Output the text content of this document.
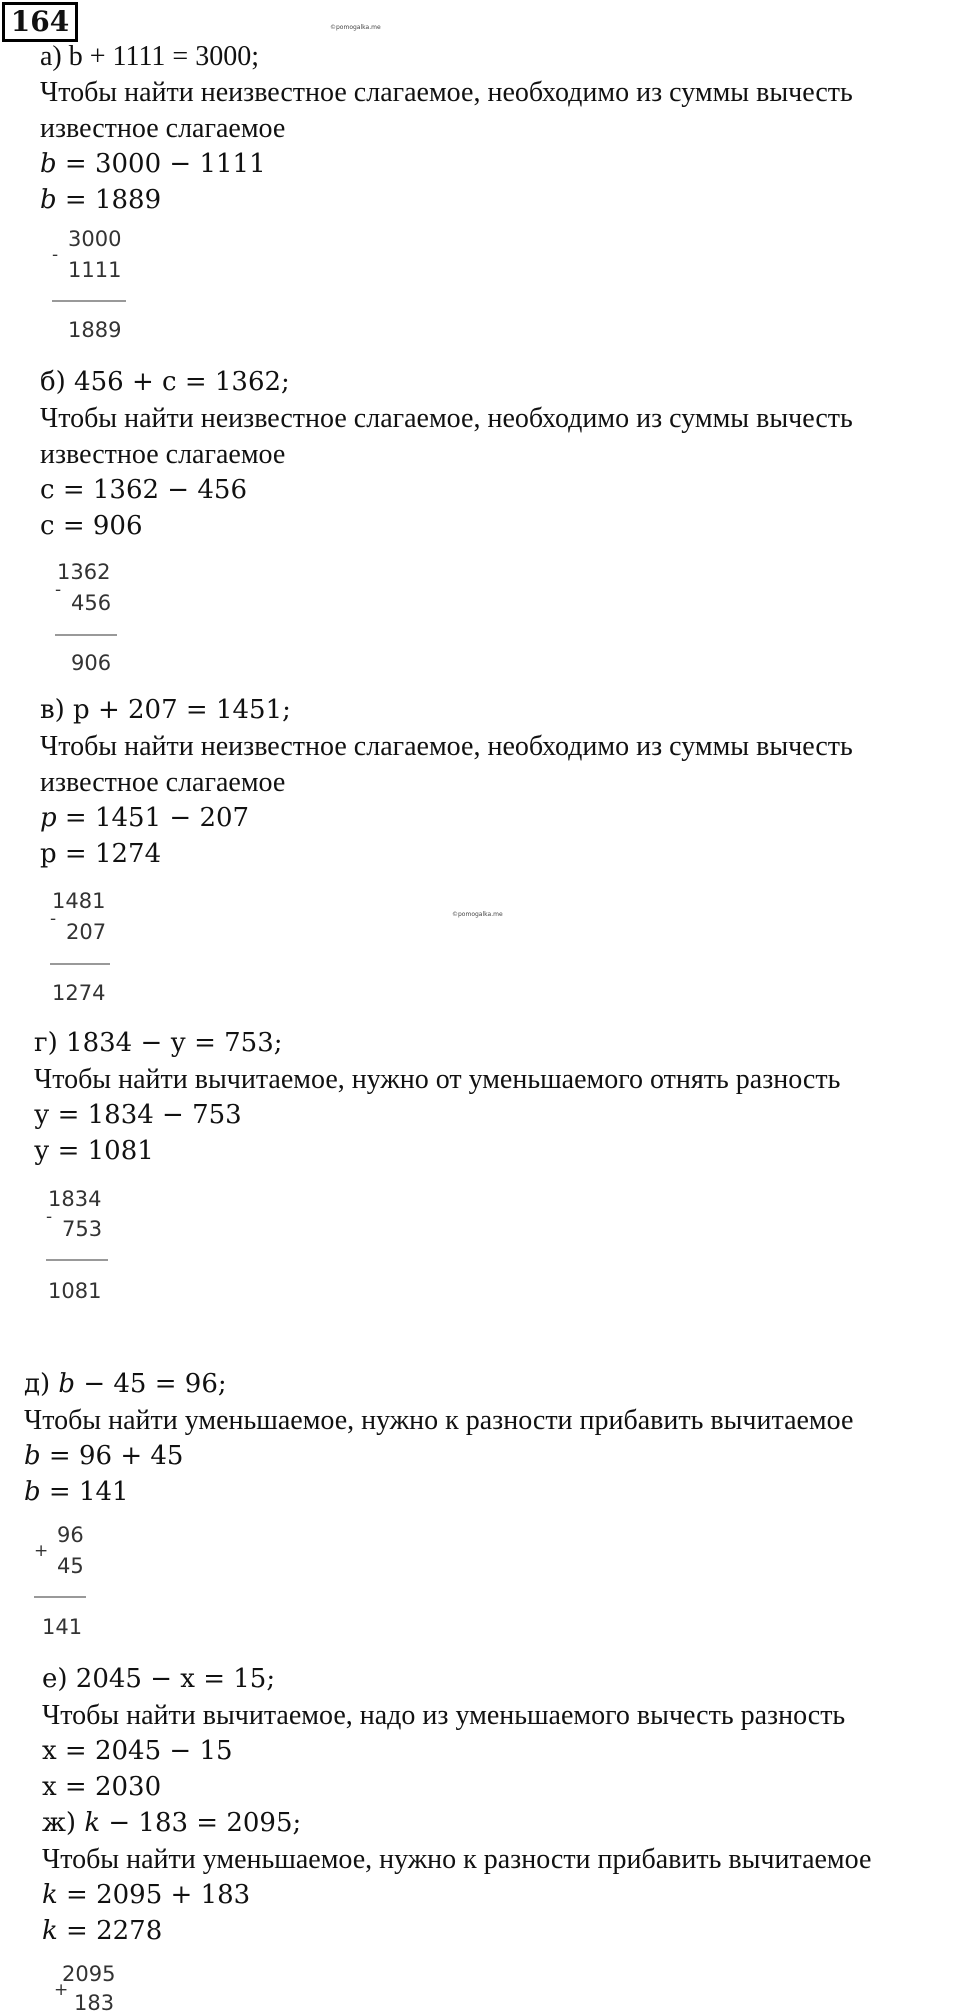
164	©pomogalka.me
©pomogalka.me
а) b + 1111 = 3000;
Чтобы найти неизвестное слагаемое, необходимо из суммы вычесть
известное слагаемое
b = 3000 − 1111
b = 1889
3000
-
1111
1889
б) 456 + с = 1362;
Чтобы найти неизвестное слагаемое, необходимо из суммы вычесть
известное слагаемое
с = 1362 − 456
с = 906
1362
-
456
906
в) р + 207 = 1451;
Чтобы найти неизвестное слагаемое, необходимо из суммы вычесть
известное слагаемое
p = 1451 − 207
р = 1274
1481
-
207
1274
г) 1834 − у = 753;
Чтобы найти вычитаемое, нужно от уменьшаемого отнять разность
у = 1834 − 753
у = 1081
1834
- 753
1081
д) b − 45 = 96;
Чтобы найти уменьшаемое, нужно к разности прибавить вычитаемое
b = 96 + 45
b = 141
96
+
45
141
е) 2045 − х = 15;
Чтобы найти вычитаемое, надо из уменьшаемого вычесть разность
х = 2045 − 15
х = 2030
ж) k − 183 = 2095;
Чтобы найти уменьшаемое, нужно к разности прибавить вычитаемое
k = 2095 + 183
k = 2278
2095
+
183
